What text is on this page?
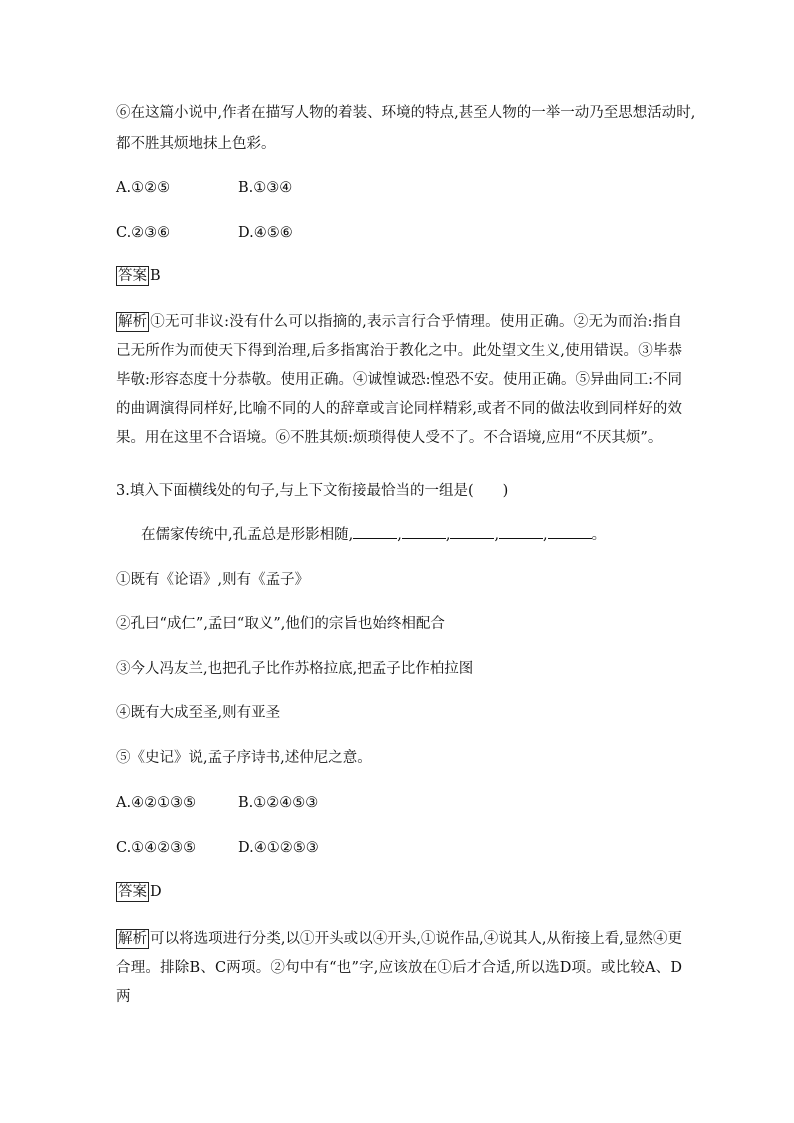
⑥在这篇小说中,作者在描写人物的着装、环境的特点,甚至人物的一举一动乃至思想活动时,
都不胜其烦地抹上色彩。
A.①②⑤	B.①③④
C.②③⑥	D.④⑤⑥
答案 B
解析 ①无可非议:没有什么可以指摘的,表示言行合乎情理。使用正确。②无为而治:指自己无所作为而使天下得到治理,后多指寓治于教化之中。此处望文生义,使用错误。③毕恭毕敬:形容态度十分恭敬。使用正确。④诚惶诚恐:惶恐不安。使用正确。⑤异曲同工:不同的曲调演得同样好,比喻不同的人的辞章或言论同样精彩,或者不同的做法收到同样好的效果。用在这里不合语境。⑥不胜其烦:烦琐得使人受不了。不合语境,应用“不厌其烦”。
3.填入下面横线处的句子,与上下文衔接最恰当的一组是(　　)
在儒家传统中,孔孟总是形影相随,	,	,	,	,	。
①既有《论语》,则有《孟子》
②孔曰“成仁”,孟曰“取义”,他们的宗旨也始终相配合
③今人冯友兰,也把孔子比作苏格拉底,把孟子比作柏拉图
④既有大成至圣,则有亚圣
⑤《史记》说,孟子序诗书,述仲尼之意。
A.④②①③⑤	B.①②④⑤③
C.①④②③⑤	D.④①②⑤③
答案 D
解析 可以将选项进行分类,以①开头或以④开头,①说作品,④说其人,从衔接上看,显然④更合理。排除B、C两项。②句中有“也”字,应该放在①后才合适,所以选D项。或比较A、D两
